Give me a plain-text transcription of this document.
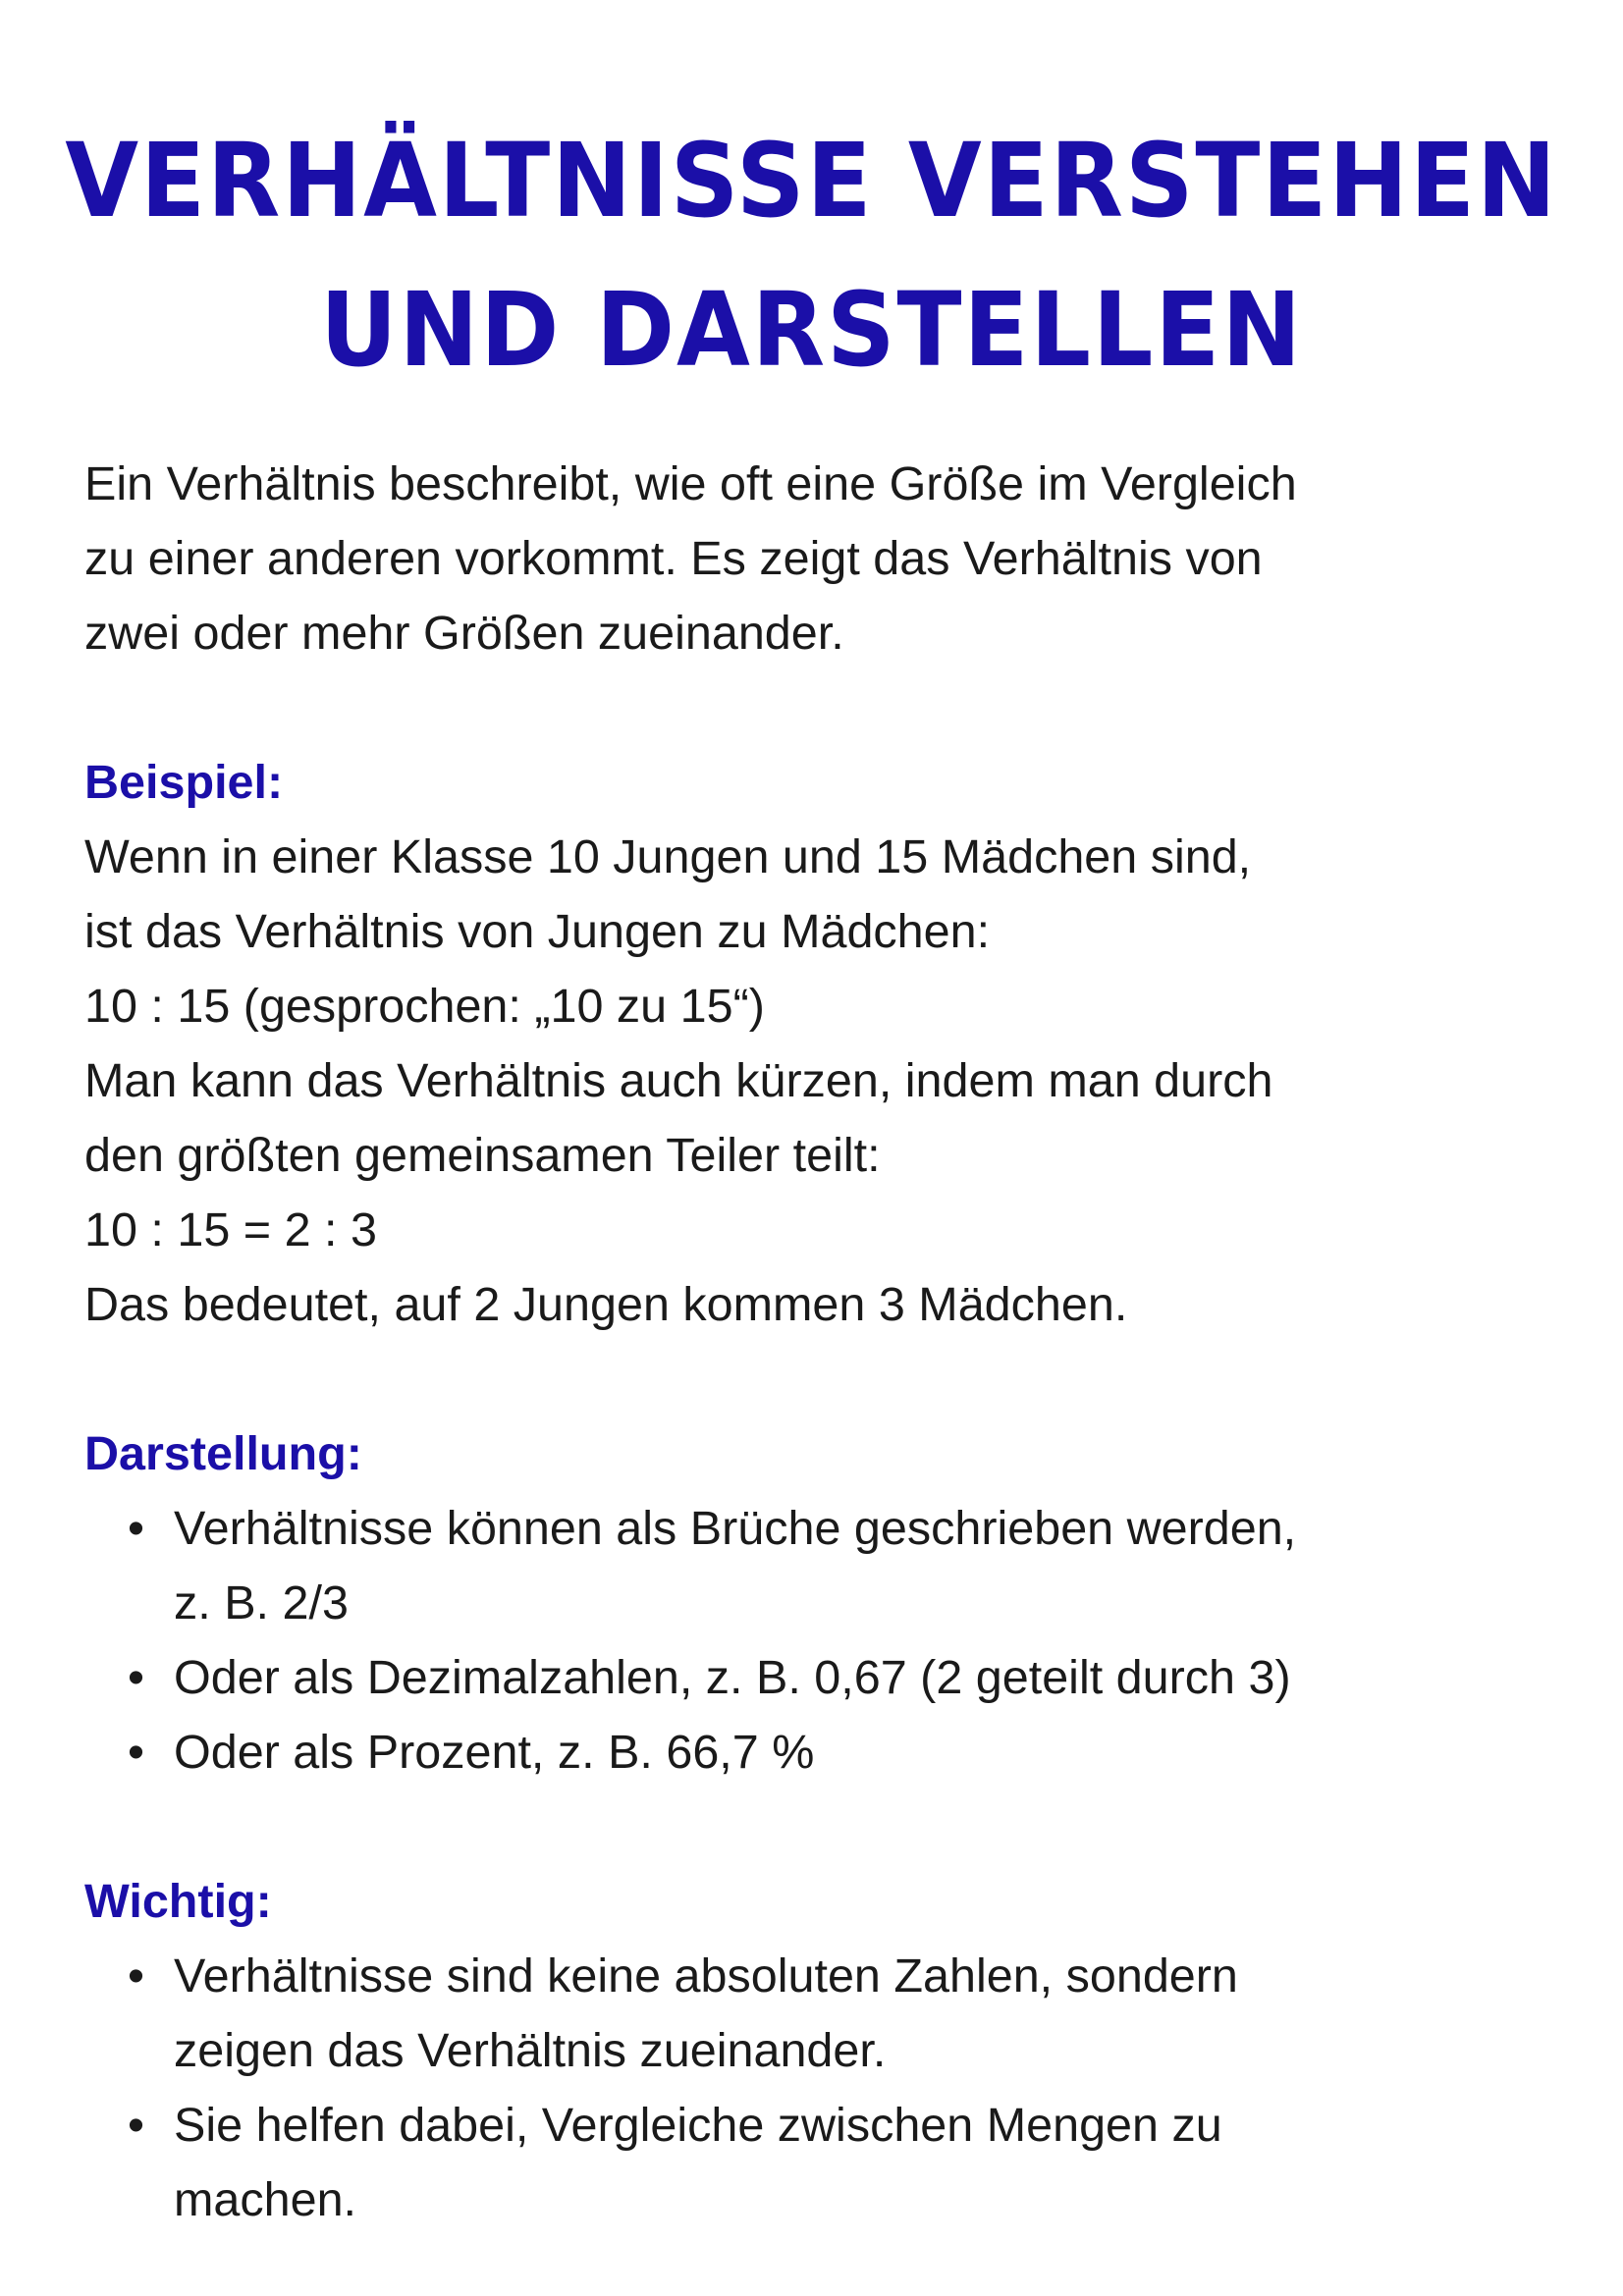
VERHÄLTNISSE VERSTEHEN
UND DARSTELLEN

Ein Verhältnis beschreibt, wie oft eine Größe im Vergleich

zu einer anderen vorkommt. Es zeigt das Verhältnis von

zwei oder mehr Größen zueinander.

Beispiel:

Wenn in einer Klasse 10 Jungen und 15 Mädchen sind,

ist das Verhältnis von Jungen zu Mädchen:

10 : 15 (gesprochen: „10 zu 15“)

Man kann das Verhältnis auch kürzen, indem man durch

den größten gemeinsamen Teiler teilt:

10 : 15 = 2 : 3

Das bedeutet, auf 2 Jungen kommen 3 Mädchen.

Darstellung:

• Verhältnisse können als Brüche geschrieben werden,

z. B. 2/3

• Oder als Dezimalzahlen, z. B. 0,67 (2 geteilt durch 3)

• Oder als Prozent, z. B. 66,7 %

Wichtig:

• Verhältnisse sind keine absoluten Zahlen, sondern

zeigen das Verhältnis zueinander.

• Sie helfen dabei, Vergleiche zwischen Mengen zu

machen.
